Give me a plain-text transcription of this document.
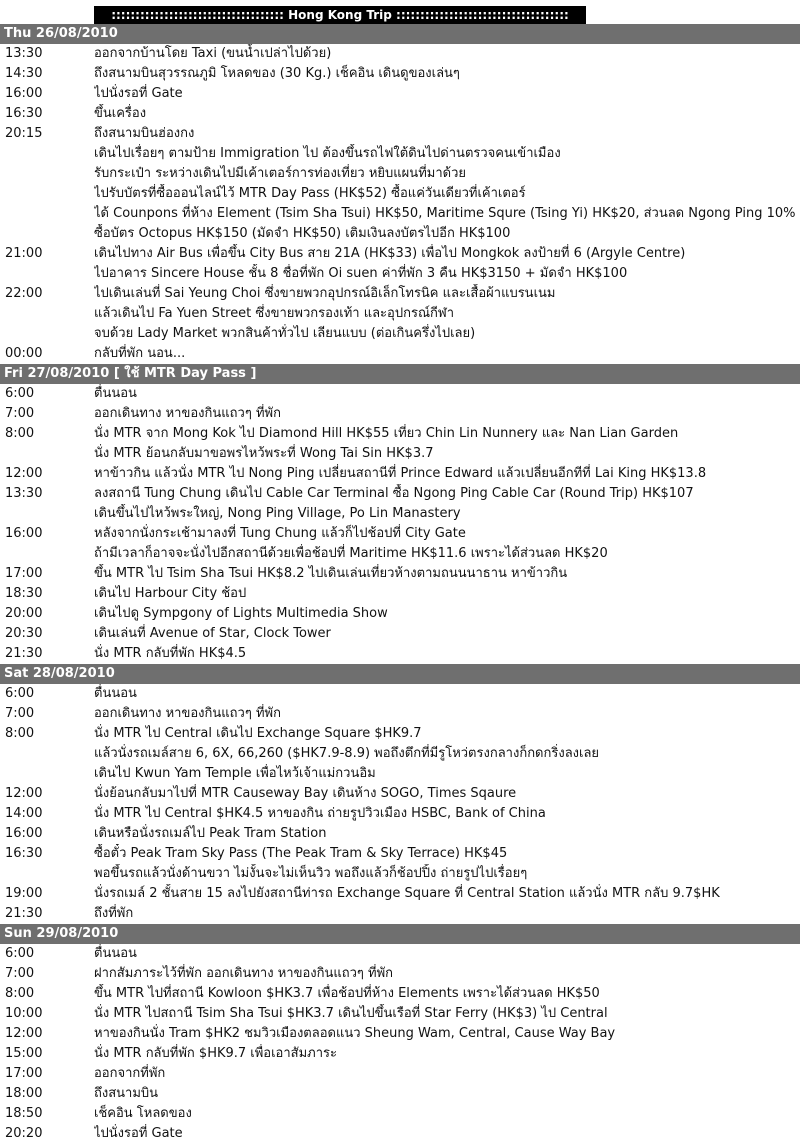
:::::::::::::::::::::::::::::::::::: Hong Kong Trip ::::::::::::::::::::::::::::::::::::
Thu 26/08/2010
13:30	ออกจากบ้านโดย Taxi (ขนน้ำเปล่าไปด้วย)
14:30	ถึงสนามบินสุวรรณภูมิ โหลดของ (30 Kg.) เช็คอิน เดินดูของเล่นๆ
16:00	ไปนั่งรอที่ Gate
16:30	ขึ้นเครื่อง
20:15	ถึงสนามบินฮ่องกง
เดินไปเรื่อยๆ ตามป้าย Immigration ไป ต้องขึ้นรถไฟใต้ดินไปด่านตรวจคนเข้าเมือง
รับกระเป๋า ระหว่างเดินไปมีเค้าเตอร์การท่องเที่ยว หยิบแผนที่มาด้วย
ไปรับบัตรที่ซื้อออนไลน์ไว้ MTR Day Pass (HK$52) ซื้อแค่วันเดียวที่เค้าเตอร์
ได้ Counpons ที่ห้าง Element (Tsim Sha Tsui) HK$50, Maritime Squre (Tsing Yi) HK$20, ส่วนลด Ngong Ping 10%
ซื้อบัตร Octopus HK$150 (มัดจำ HK$50) เติมเงินลงบัตรไปอีก HK$100
21:00	เดินไปทาง Air Bus เพื่อขึ้น City Bus สาย 21A (HK$33) เพื่อไป Mongkok ลงป้ายที่ 6 (Argyle Centre)
ไปอาคาร Sincere House ชั้น 8 ชื่อที่พัก Oi suen ค่าที่พัก 3 คืน HK$3150 + มัดจำ HK$100
22:00	ไปเดินเล่นที่ Sai Yeung Choi ซึ่งขายพวกอุปกรณ์อิเล็กโทรนิค และเสื้อผ้าแบรนเนม
แล้วเดินไป Fa Yuen Street ซึ่งขายพวกรองเท้า และอุปกรณ์กีฬา
จบด้วย Lady Market พวกสินค้าทั่วไป เลียนแบบ (ต่อเกินครึ่งไปเลย)
00:00	กลับที่พัก นอน...
Fri 27/08/2010 [ ใช้ MTR Day Pass ]
6:00	ตื่นนอน
7:00	ออกเดินทาง หาของกินแถวๆ ที่พัก
8:00	นั่ง MTR จาก Mong Kok ไป Diamond Hill HK$55 เที่ยว Chin Lin Nunnery และ Nan Lian Garden
นั่ง MTR ย้อนกลับมาขอพรไหว้พระที่ Wong Tai Sin HK$3.7
12:00	หาข้าวกิน แล้วนั่ง MTR ไป Nong Ping เปลี่ยนสถานีที่ Prince Edward แล้วเปลี่ยนอีกทีที่ Lai King HK$13.8
13:30	ลงสถานี Tung Chung เดินไป Cable Car Terminal ซื้อ Ngong Ping Cable Car (Round Trip) HK$107
เดินขึ้นไปไหว้พระใหญ่, Nong Ping Village, Po Lin Manastery
16:00	หลังจากนั่งกระเช้ามาลงที่ Tung Chung แล้วก็ไปช้อปที่ City Gate
ถ้ามีเวลาก็อาจจะนั่งไปอีกสถานีด้วยเพื่อช้อปที่ Maritime HK$11.6 เพราะได้ส่วนลด HK$20
17:00	ขึ้น MTR ไป Tsim Sha Tsui HK$8.2 ไปเดินเล่นเที่ยวห้างตามถนนนาธาน หาข้าวกิน
18:30	เดินไป Harbour City ช้อป
20:00	เดินไปดู Sympgony of Lights Multimedia Show
20:30	เดินเล่นที่ Avenue of Star, Clock Tower
21:30	นั่ง MTR กลับที่พัก HK$4.5
Sat 28/08/2010
6:00	ตื่นนอน
7:00	ออกเดินทาง หาของกินแถวๆ ที่พัก
8:00	นั่ง MTR ไป Central เดินไป Exchange Square $HK9.7
แล้วนั่งรถเมล์สาย 6, 6X, 66,260 ($HK7.9-8.9) พอถึงตึกที่มีรูโหว่ตรงกลางก็กดกริ่งลงเลย
เดินไป Kwun Yam Temple เพื่อไหว้เจ้าแม่กวนอิม
12:00	นั่งย้อนกลับมาไปที่ MTR Causeway Bay เดินห้าง SOGO, Times Sqaure
14:00	นั่ง MTR ไป Central $HK4.5 หาของกิน ถ่ายรูปวิวเมือง HSBC, Bank of China
16:00	เดินหรือนั่งรถเมล์ไป Peak Tram Station
16:30	ซื้อตั๋ว Peak Tram Sky Pass (The Peak Tram & Sky Terrace) HK$45
พอขึ้นรถแล้วนั่งด้านขวา ไม่งั้นจะไม่เห็นวิว พอถึงแล้วก็ช้อปปิ้ง ถ่ายรูปไปเรื่อยๆ
19:00	นั่งรถเมล์ 2 ชั้นสาย 15 ลงไปยังสถานีท่ารถ Exchange Square ที่ Central Station แล้วนั่ง MTR กลับ 9.7$HK
21:30	ถึงที่พัก
Sun 29/08/2010
6:00	ตื่นนอน
7:00	ฝากสัมภาระไว้ที่พัก ออกเดินทาง หาของกินแถวๆ ที่พัก
8:00	ขึ้น MTR ไปที่สถานี Kowloon $HK3.7 เพื่อช้อปที่ห้าง Elements เพราะได้ส่วนลด HK$50
10:00	นั่ง MTR ไปสถานี Tsim Sha Tsui $HK3.7 เดินไปขึ้นเรือที่ Star Ferry (HK$3) ไป Central
12:00	หาของกินนั่ง Tram $HK2 ชมวิวเมืองตลอดแนว Sheung Wam, Central, Cause Way Bay
15:00	นั่ง MTR กลับที่พัก $HK9.7 เพื่อเอาสัมภาระ
17:00	ออกจากที่พัก
18:00	ถึงสนามบิน
18:50	เช็คอิน โหลดของ
20:20	ไปนั่งรอที่ Gate
